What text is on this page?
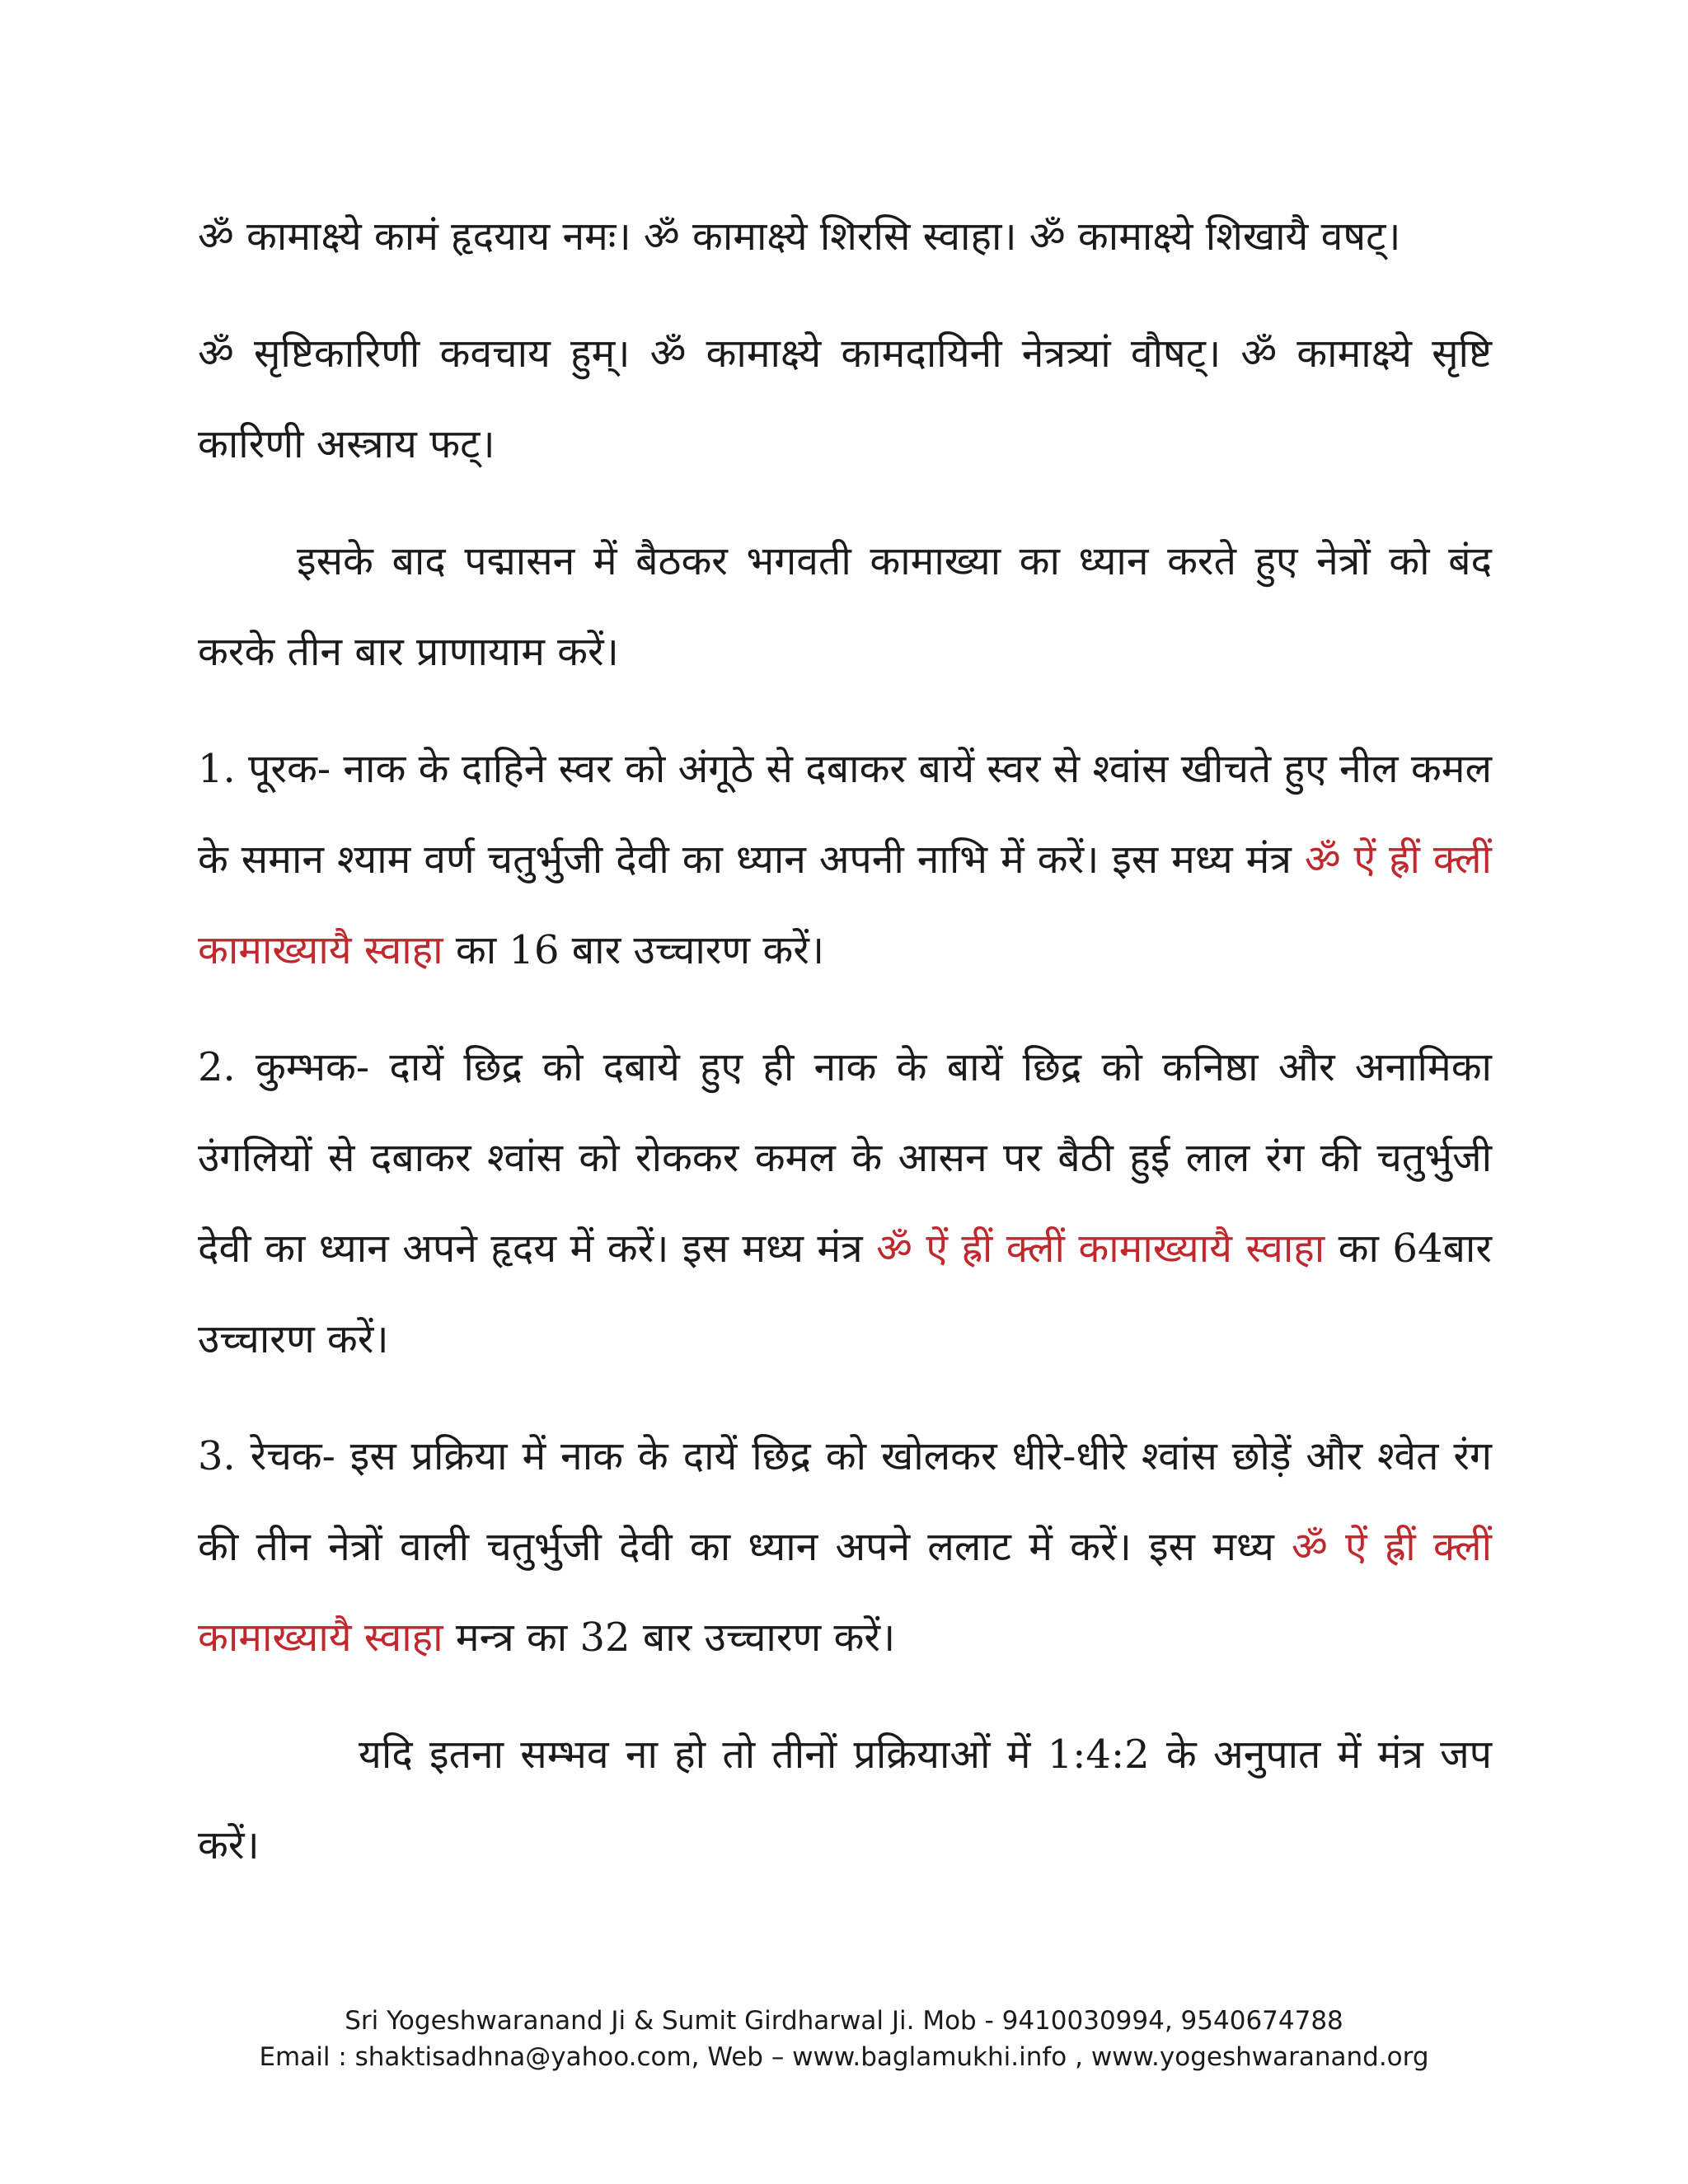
ॐ कामाक्ष्ये कामं हृदयाय नमः। ॐ कामाक्ष्ये शिरसि स्वाहा। ॐ कामाक्ष्ये शिखायै वषट्।

ॐ सृष्टिकारिणी कवचाय हुम्। ॐ कामाक्ष्ये कामदायिनी नेत्रत्र्यां वौषट्। ॐ कामाक्ष्ये सृष्टि कारिणी अस्त्राय फट्।

इसके बाद पद्मासन में बैठकर भगवती कामाख्या का ध्यान करते हुए नेत्रों को बंद करके तीन बार प्राणायाम करें।

1. पूरक- नाक के दाहिने स्वर को अंगूठे से दबाकर बायें स्वर से श्वांस खीचते हुए नील कमल के समान श्याम वर्ण चतुर्भुजी देवी का ध्यान अपनी नाभि में करें। इस मध्य मंत्र ॐ ऐं ह्रीं क्लीं कामाख्यायै स्वाहा का 16 बार उच्चारण करें।

2. कुम्भक- दायें छिद्र को दबाये हुए ही नाक के बायें छिद्र को कनिष्ठा और अनामिका उंगलियों से दबाकर श्वांस को रोककर कमल के आसन पर बैठी हुई लाल रंग की चतुर्भुजी देवी का ध्यान अपने हृदय में करें। इस मध्य मंत्र ॐ ऐं ह्रीं क्लीं कामाख्यायै स्वाहा का 64बार उच्चारण करें।

3. रेचक- इस प्रक्रिया में नाक के दायें छिद्र को खोलकर धीरे-धीरे श्वांस छोड़ें और श्वेत रंग की तीन नेत्रों वाली चतुर्भुजी देवी का ध्यान अपने ललाट में करें। इस मध्य ॐ ऐं ह्रीं क्लीं कामाख्यायै स्वाहा मन्त्र का 32 बार उच्चारण करें।

यदि इतना सम्भव ना हो तो तीनों प्रक्रियाओं में 1:4:2 के अनुपात में मंत्र जप करें।

Sri Yogeshwaranand Ji & Sumit Girdharwal Ji. Mob - 9410030994, 9540674788
Email : shaktisadhna@yahoo.com, Web – www.baglamukhi.info , www.yogeshwaranand.org
